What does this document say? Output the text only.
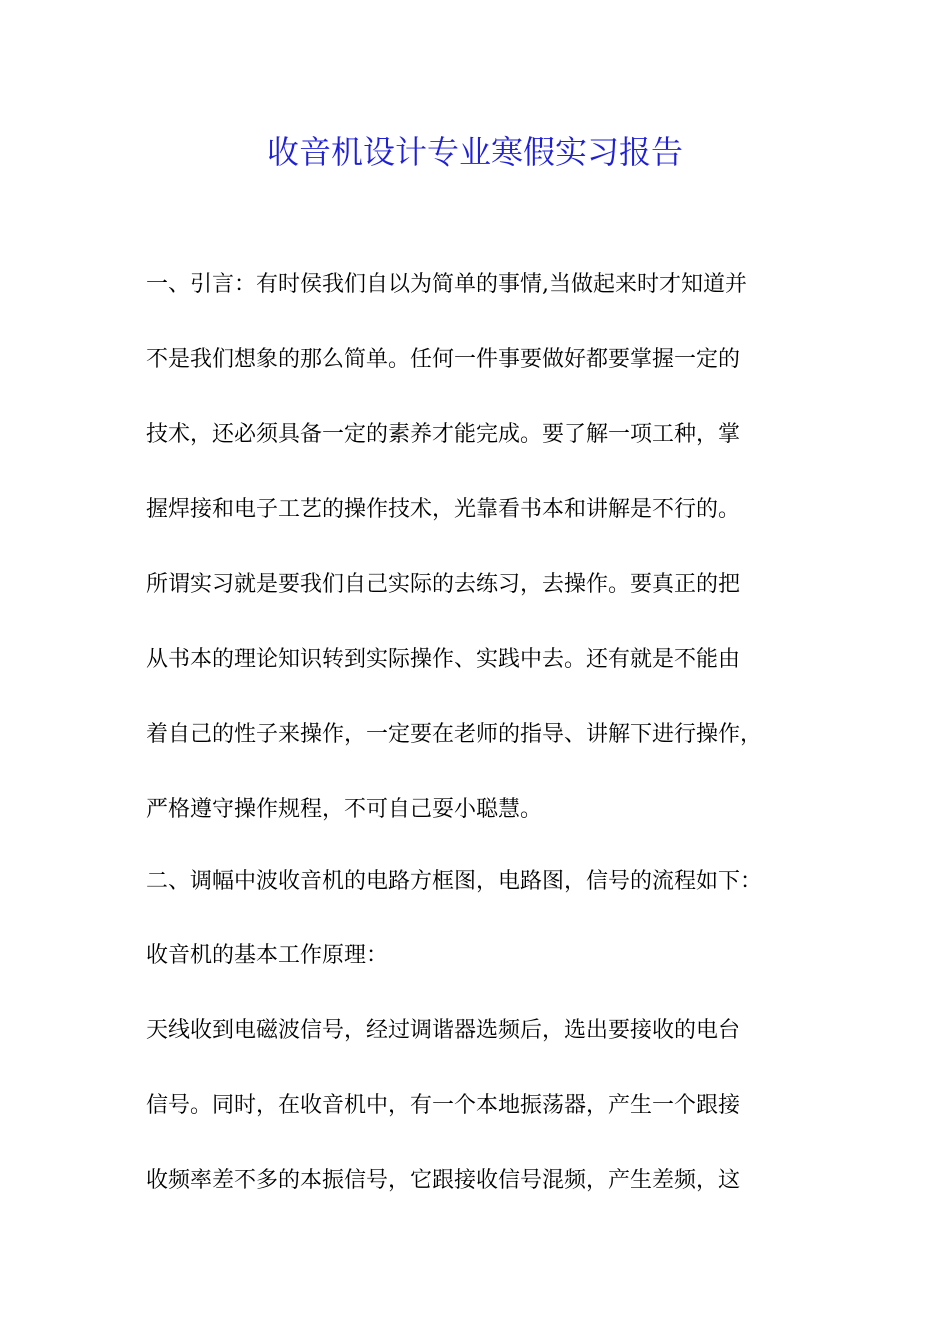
收音机设计专业寒假实习报告

一、引言：有时侯我们自以为简单的事情,当做起来时才知道并

不是我们想象的那么简单。任何一件事要做好都要掌握一定的

技术，还必须具备一定的素养才能完成。要了解一项工种，掌

握焊接和电子工艺的操作技术，光靠看书本和讲解是不行的。

所谓实习就是要我们自己实际的去练习，去操作。要真正的把

从书本的理论知识转到实际操作、实践中去。还有就是不能由

着自己的性子来操作，一定要在老师的指导、讲解下进行操作，

严格遵守操作规程，不可自己耍小聪慧。

二、调幅中波收音机的电路方框图，电路图，信号的流程如下：

收音机的基本工作原理：

天线收到电磁波信号，经过调谐器选频后，选出要接收的电台

信号。同时，在收音机中，有一个本地振荡器，产生一个跟接

收频率差不多的本振信号，它跟接收信号混频，产生差频，这
